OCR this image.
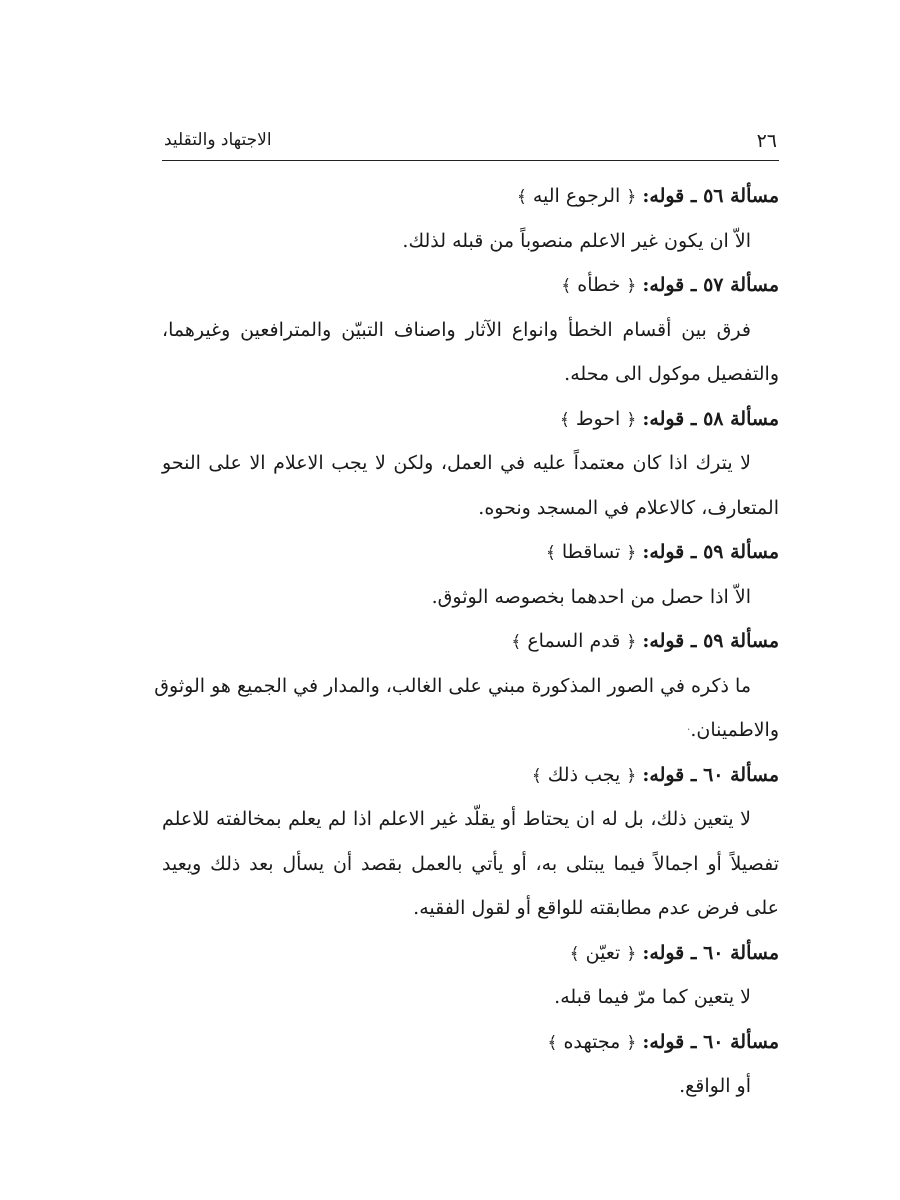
٢٦
الاجتهاد والتقليد
مسألة ٥٦ ـ قوله: ﴿ الرجوع اليه ﴾
الاّ ان يكون غير الاعلم منصوباً من قبله لذلك.
مسألة ٥٧ ـ قوله: ﴿ خطأه ﴾
فرق بين أقسام الخطأ وانواع الآثار واصناف التبيّن والمترافعين وغيرهما،
والتفصيل موكول الى محله.
مسألة ٥٨ ـ قوله: ﴿ احوط ﴾
لا يترك اذا كان معتمداً عليه في العمل، ولكن لا يجب الاعلام الا على النحو
المتعارف، كالاعلام في المسجد ونحوه.
مسألة ٥٩ ـ قوله: ﴿ تساقطا ﴾
الاّ اذا حصل من احدهما بخصوصه الوثوق.
مسألة ٥٩ ـ قوله: ﴿ قدم السماع ﴾
ما ذكره في الصور المذكورة مبني على الغالب، والمدار في الجميع هو الوثوق
والاطمينان.·
مسألة ٦٠ ـ قوله: ﴿ يجب ذلك ﴾
لا يتعين ذلك، بل له ان يحتاط أو يقلّد غير الاعلم اذا لم يعلم بمخالفته للاعلم
تفصيلاً أو اجمالاً فيما يبتلى به، أو يأتي بالعمل بقصد أن يسأل بعد ذلك ويعيد
على فرض عدم مطابقته للواقع أو لقول الفقيه.
مسألة ٦٠ ـ قوله: ﴿ تعيّن ﴾
لا يتعين كما مرّ فيما قبله.
مسألة ٦٠ ـ قوله: ﴿ مجتهده ﴾
أو الواقع.
